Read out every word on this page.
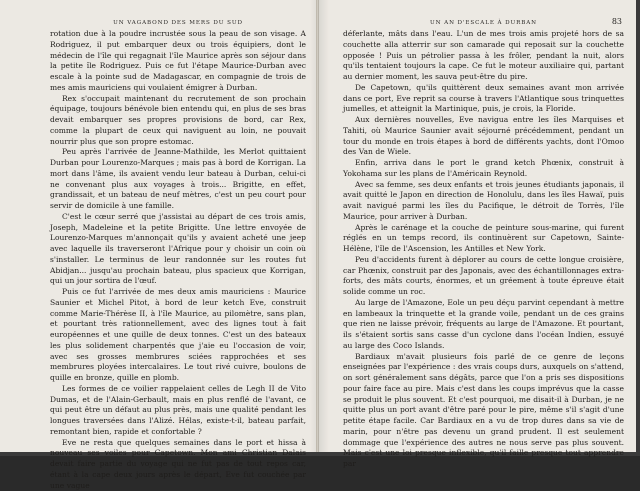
UN VAGABOND DES MERS DU SUD

rotation due à la poudre incrustée sous la peau de son visage. A Rodriguez, il put embarquer deux ou trois équipiers, dont le médecin de l'île qui regagnait l'île Maurice après son séjour dans la petite île Rodriguez. Puis ce fut l'étape Maurice-Durban avec escale à la pointe sud de Madagascar, en compagnie de trois de mes amis mauriciens qui voulaient émigrer à Durban.

Rex s'occupait maintenant du recrutement de son prochain équipage, toujours bénévole bien entendu qui, en plus de ses bras devait embarquer ses propres provisions de bord, car Rex, comme la plupart de ceux qui naviguent au loin, ne pouvait nourrir plus que son propre estomac.

Peu après l'arrivée de Jeanne-Mathilde, les Merlot quittaient Durban pour Lourenzo-Marques ; mais pas à bord de Korrigan. La mort dans l'âme, ils avaient vendu leur bateau à Durban, celui-ci ne convenant plus aux voyages à trois... Brigitte, en effet, grandissait, et un bateau de neuf mètres, c'est un peu court pour servir de domicile à une famille.

C'est le cœur serré que j'assistai au départ de ces trois amis, Joseph, Madeleine et la petite Brigitte. Une lettre envoyée de Lourenzo-Marques m'annonçait qu'ils y avaient acheté une jeep avec laquelle ils traverseront l'Afrique pour y choisir un coin où s'installer. Le terminus de leur randonnée sur les routes fut Abidjan... jusqu'au prochain bateau, plus spacieux que Korrigan, qui un jour sortira de l'œuf.

Puis ce fut l'arrivée de mes deux amis mauriciens : Maurice Saunier et Michel Pitot, à bord de leur ketch Eve, construit comme Marie-Thérèse II, à l'île Maurice, au pilomètre, sans plan, et pourtant très rationnellement, avec des lignes tout à fait européennes et une quille de deux tonnes. C'est un des bateaux les plus solidement charpentés que j'aie eu l'occasion de voir, avec ses grosses membrures sciées rapprochées et ses membrures ployées intercalaires. Le tout rivé cuivre, boulons de quille en bronze, quille en plomb.

Les formes de ce voilier rappelaient celles de Legh II de Vito Dumas, et de l'Alain-Gerbault, mais en plus renflé de l'avant, ce qui peut être un défaut au plus près, mais une qualité pendant les longues traversées dans l'Alizé. Hélas, existe-t-il, bateau parfait, remontant bien, rapide et confortable ?

Eve ne resta que quelques semaines dans le port et hissa à nouveau ses voiles pour Capetown. Mon ami Christian Dalais devait faire partie du voyage qui ne fut pas de tout repos car, étant à la cape deux jours après le départ, Eve fut couchée par une vague

UN AN D'ESCALE À DURBAN	83

déferlante, mâts dans l'eau. L'un de mes trois amis projeté hors de sa couchette alla atterrir sur son camarade qui reposait sur la couchette opposée ! Puis un pétrolier passa à les frôler, pendant la nuit, alors qu'ils tentaient toujours la cape. Ce fut le moteur auxiliaire qui, partant au dernier moment, les sauva peut-être du pire.

De Capetown, qu'ils quittèrent deux semaines avant mon arrivée dans ce port, Eve reprit sa course à travers l'Atlantique sous trinquettes jumelles, et atteignit la Martinique, puis, je crois, la Floride.

Aux dernières nouvelles, Eve navigua entre les îles Marquises et Tahiti, où Maurice Saunier avait séjourné précédemment, pendant un tour du monde en trois étapes à bord de différents yachts, dont l'Omoo des Van de Wiele.

Enfin, arriva dans le port le grand ketch Phœnix, construit à Yokohama sur les plans de l'Américain Reynold.

Avec sa femme, ses deux enfants et trois jeunes étudiants japonais, il avait quitté le Japon en direction de Honolulu, dans les îles Hawaï, puis avait navigué parmi les îles du Pacifique, le détroit de Torrès, l'île Maurice, pour arriver à Durban.

Après le carénage et la couche de peinture sous-marine, qui furent réglés en un temps record, ils continuèrent sur Capetown, Sainte-Hélène, l'île de l'Ascension, les Antilles et New York.

Peu d'accidents furent à déplorer au cours de cette longue croisière, car Phœnix, construit par des Japonais, avec des échantillonnages extra-forts, des mâts courts, énormes, et un gréement à toute épreuve était solide comme un roc.

Au large de l'Amazone, Eole un peu déçu parvint cependant à mettre en lambeaux la trinquette et la grande voile, pendant un de ces grains que rien ne laisse prévoir, fréquents au large de l'Amazone. Et pourtant, ils s'étaient sortis sans casse d'un cyclone dans l'océan Indien, essuyé au large des Coco Islands.

Bardiaux m'avait plusieurs fois parlé de ce genre de leçons enseignées par l'expérience : des vrais coups durs, auxquels on s'attend, on sort généralement sans dégâts, parce que l'on a pris ses dispositions pour faire face au pire. Mais c'est dans les coups imprévus que la casse se produit le plus souvent. Et c'est pourquoi, me disait-il à Durban, je ne quitte plus un port avant d'être paré pour le pire, même s'il s'agit d'une petite étape facile. Car Bardiaux en a vu de trop dures dans sa vie de marin, pour n'être pas devenu un grand prudent. Il est seulement dommage que l'expérience des autres ne nous serve pas plus souvent. Mais c'est une loi presque inflexible, qu'il faille presque tout apprendre par
